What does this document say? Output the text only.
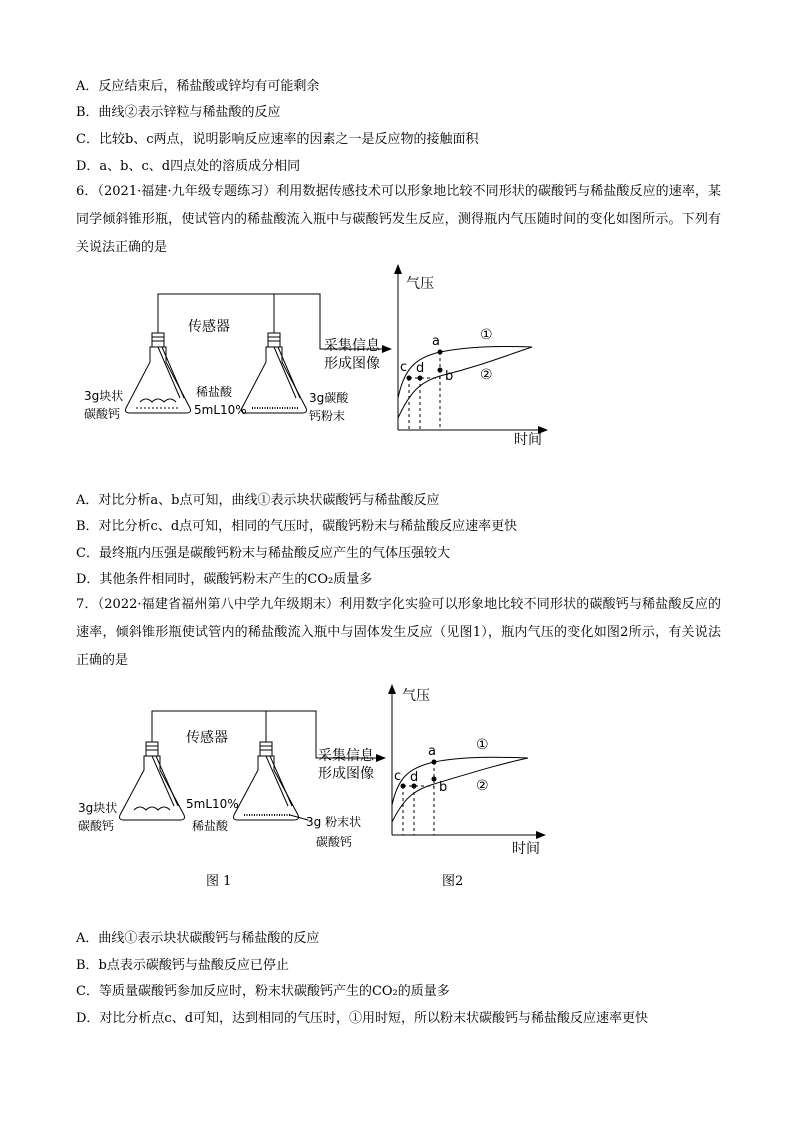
A．反应结束后，稀盐酸或锌均有可能剩余
B．曲线②表示锌粒与稀盐酸的反应
C．比较b、c两点，说明影响反应速率的因素之一是反应物的接触面积
D．a、b、c、d四点处的溶质成分相同
6．（2021·福建·九年级专题练习）利用数据传感技术可以形象地比较不同形状的碳酸钙与稀盐酸反应的速率，某同学倾斜锥形瓶，使试管内的稀盐酸流入瓶中与碳酸钙发生反应，测得瓶内气压随时间的变化如图所示。下列有关说法正确的是
传感器
3g块状
碳酸钙
稀盐酸
5mL10%
3g碳酸
钙粉末
采集信息
形成图像
气压
时间
a
b
c d
①
②
A．对比分析a、b点可知，曲线①表示块状碳酸钙与稀盐酸反应
B．对比分析c、d点可知，相同的气压时，碳酸钙粉末与稀盐酸反应速率更快
C．最终瓶内压强是碳酸钙粉末与稀盐酸反应产生的气体压强较大
D．其他条件相同时，碳酸钙粉末产生的CO₂质量多
7．（2022·福建省福州第八中学九年级期末）利用数字化实验可以形象地比较不同形状的碳酸钙与稀盐酸反应的速率，倾斜锥形瓶使试管内的稀盐酸流入瓶中与固体发生反应（见图1），瓶内气压的变化如图2所示，有关说法正确的是
传感器
3g块状
碳酸钙
5mL10%
稀盐酸	3g 粉末状
碳酸钙
采集信息
形成图像
气压
时间
a
b
c d
①
②
图 1	图2
A．曲线①表示块状碳酸钙与稀盐酸的反应
B．b点表示碳酸钙与盐酸反应已停止
C．等质量碳酸钙参加反应时，粉末状碳酸钙产生的CO₂的质量多
D．对比分析点c、d可知，达到相同的气压时，①用时短，所以粉末状碳酸钙与稀盐酸反应速率更快
